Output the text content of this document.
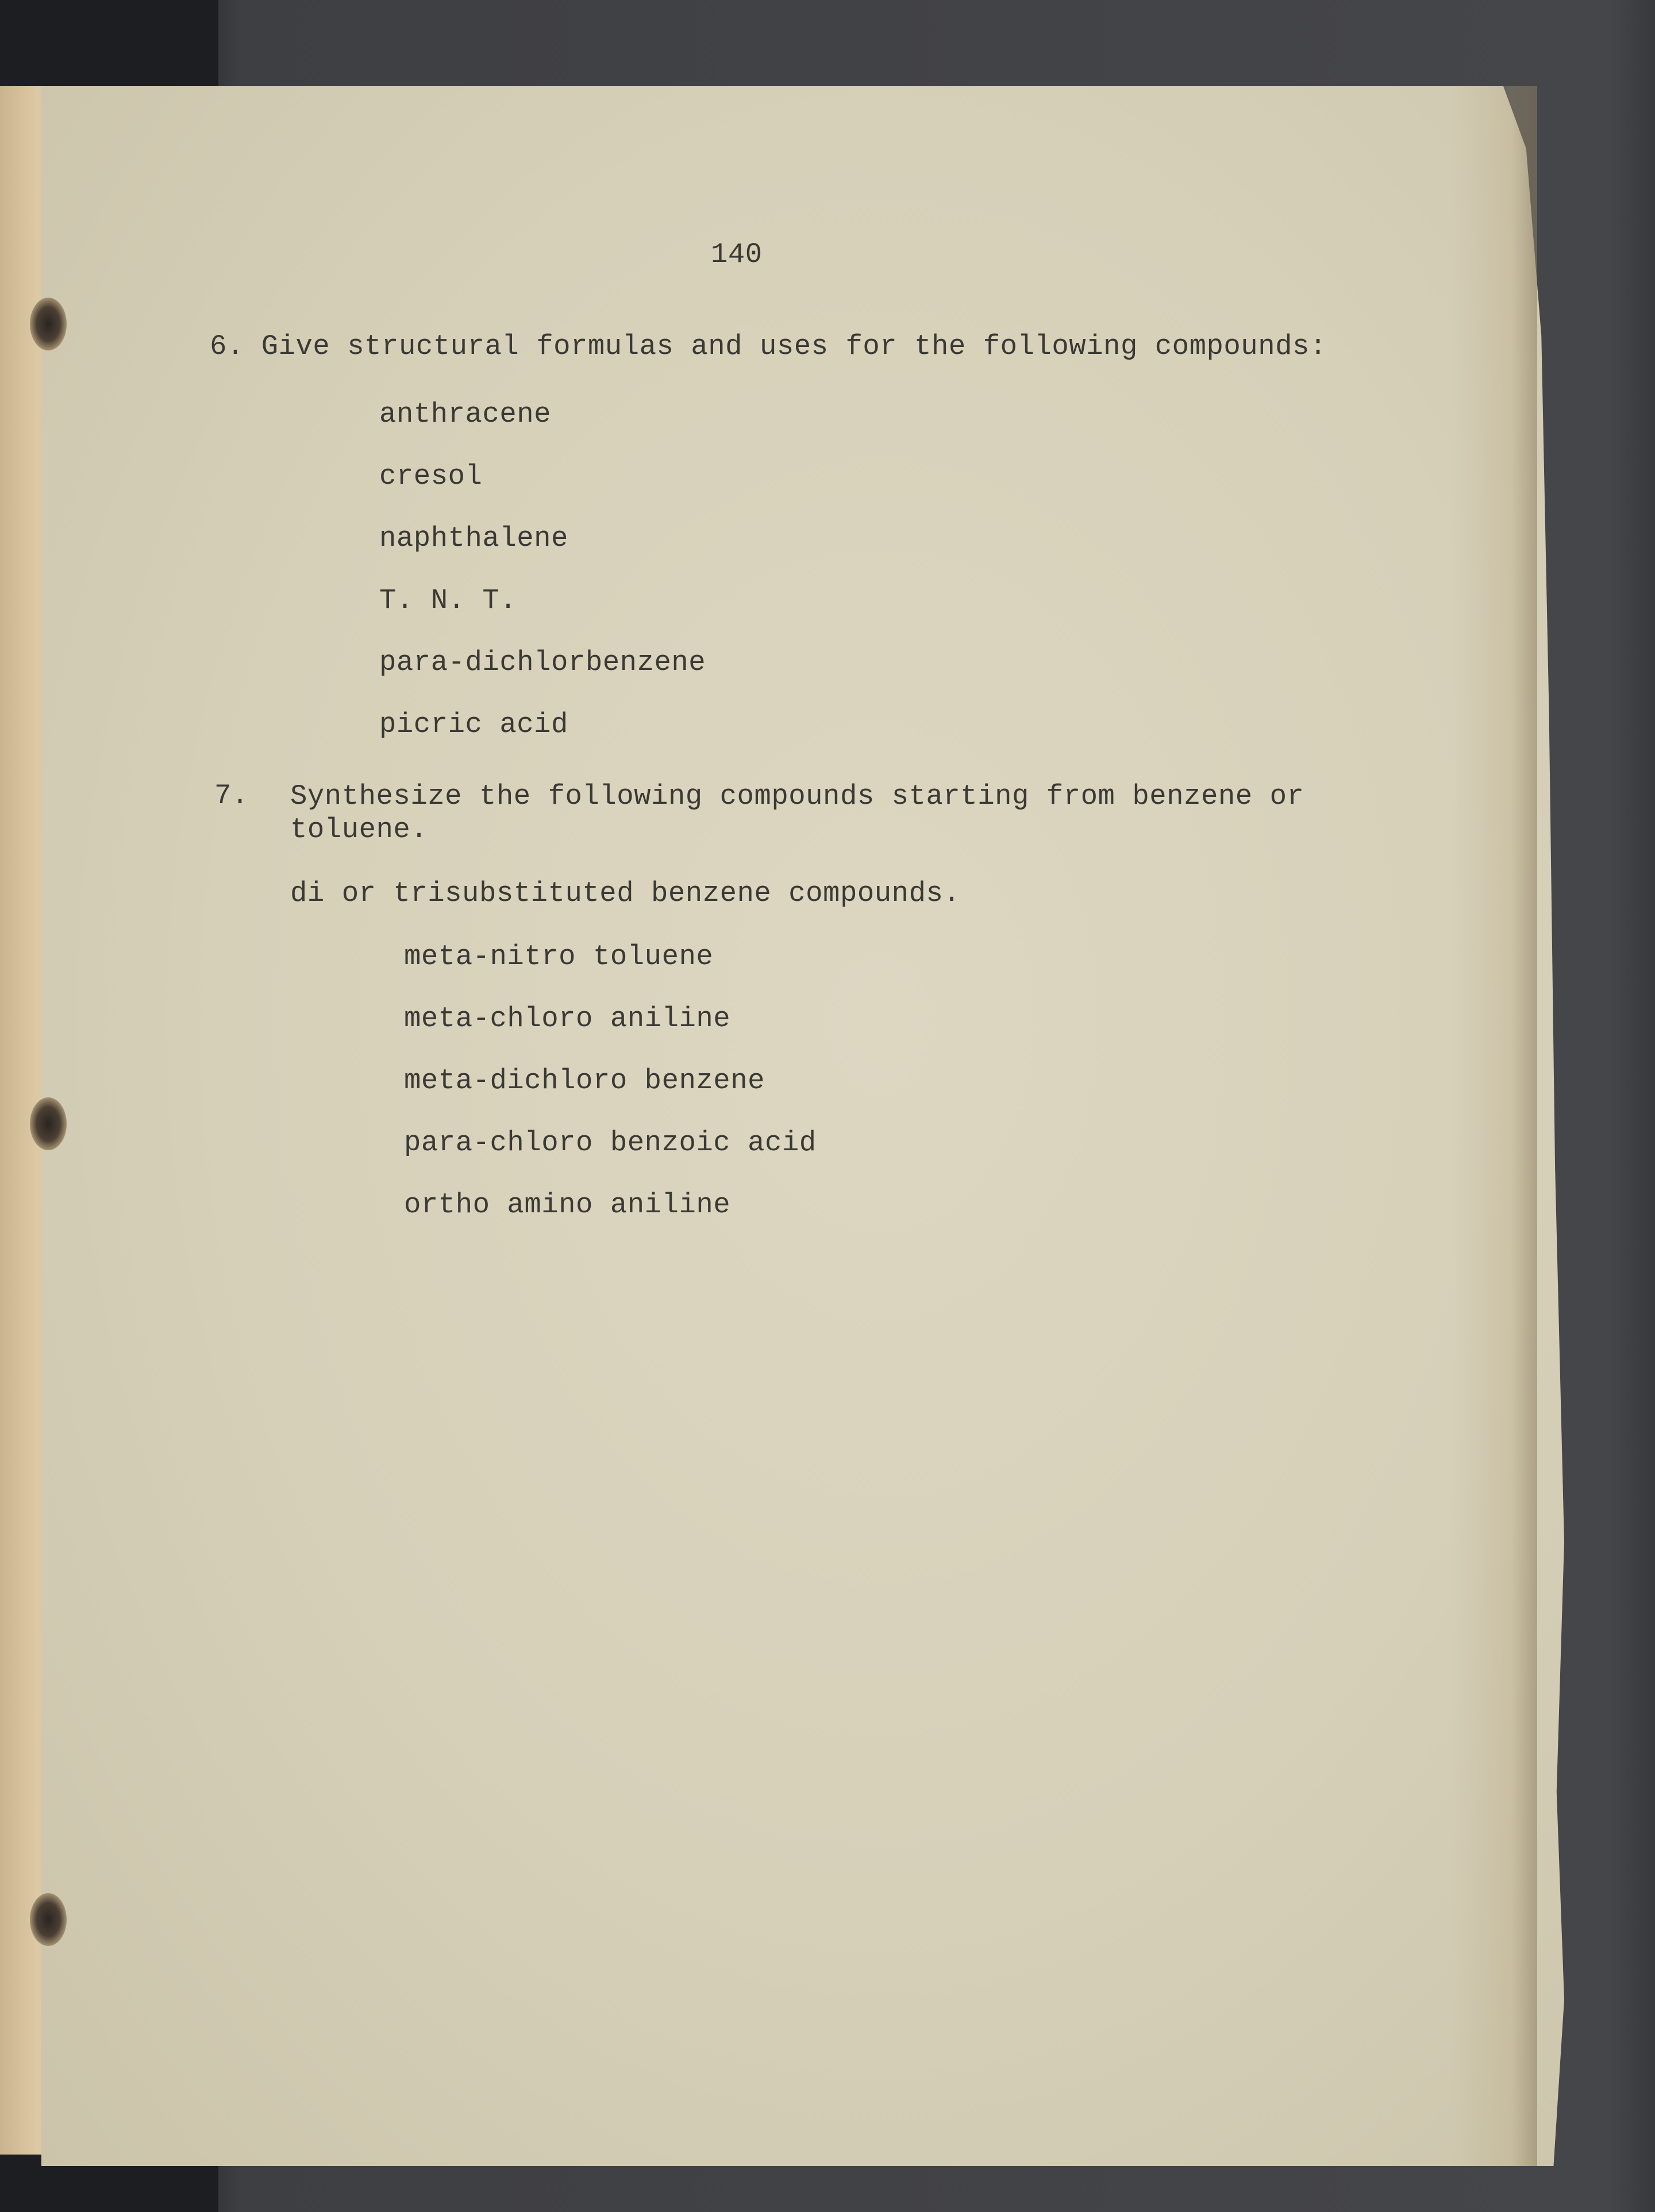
140
6. Give structural formulas and uses for the following compounds:
anthracene
cresol
naphthalene
T. N. T.
para-dichlorbenzene
picric acid
7. Synthesize the following compounds starting from benzene or
toluene.
di or trisubstituted benzene compounds.
meta-nitro toluene
meta-chloro aniline
meta-dichloro benzene
para-chloro benzoic acid
ortho amino aniline
